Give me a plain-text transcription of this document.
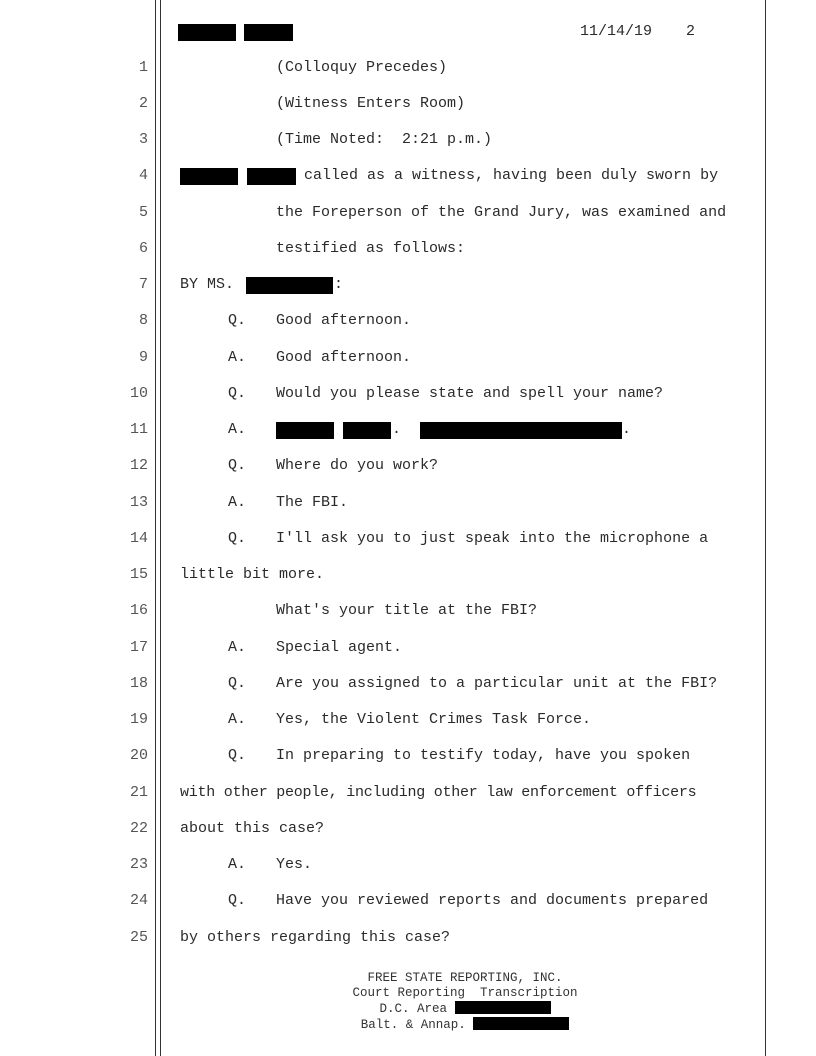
11/14/19 2
1	(Colloquy Precedes)
2	(Witness Enters Room)
3	(Time Noted:  2:21 p.m.)
4	called as a witness, having been duly sworn by
5	the Foreperson of the Grand Jury, was examined and
6	testified as follows:
7 BY MS.	:
8	Q. Good afternoon.
9	A. Good afternoon.
10	Q. Would you please state and spell your name?
11	A.	.	.
12	Q. Where do you work?
13	A. The FBI.
14	Q. I'll ask you to just speak into the microphone a
15 little bit more.
16	What's your title at the FBI?
17	A. Special agent.
18	Q. Are you assigned to a particular unit at the FBI?
19	A. Yes, the Violent Crimes Task Force.
20	Q. In preparing to testify today, have you spoken
21 with other people, including other law enforcement officers
22 about this case?
23	A. Yes.
24	Q. Have you reviewed reports and documents prepared
25 by others regarding this case?
FREE STATE REPORTING, INC.
Court Reporting  Transcription
D.C. Area
Balt. & Annap.
